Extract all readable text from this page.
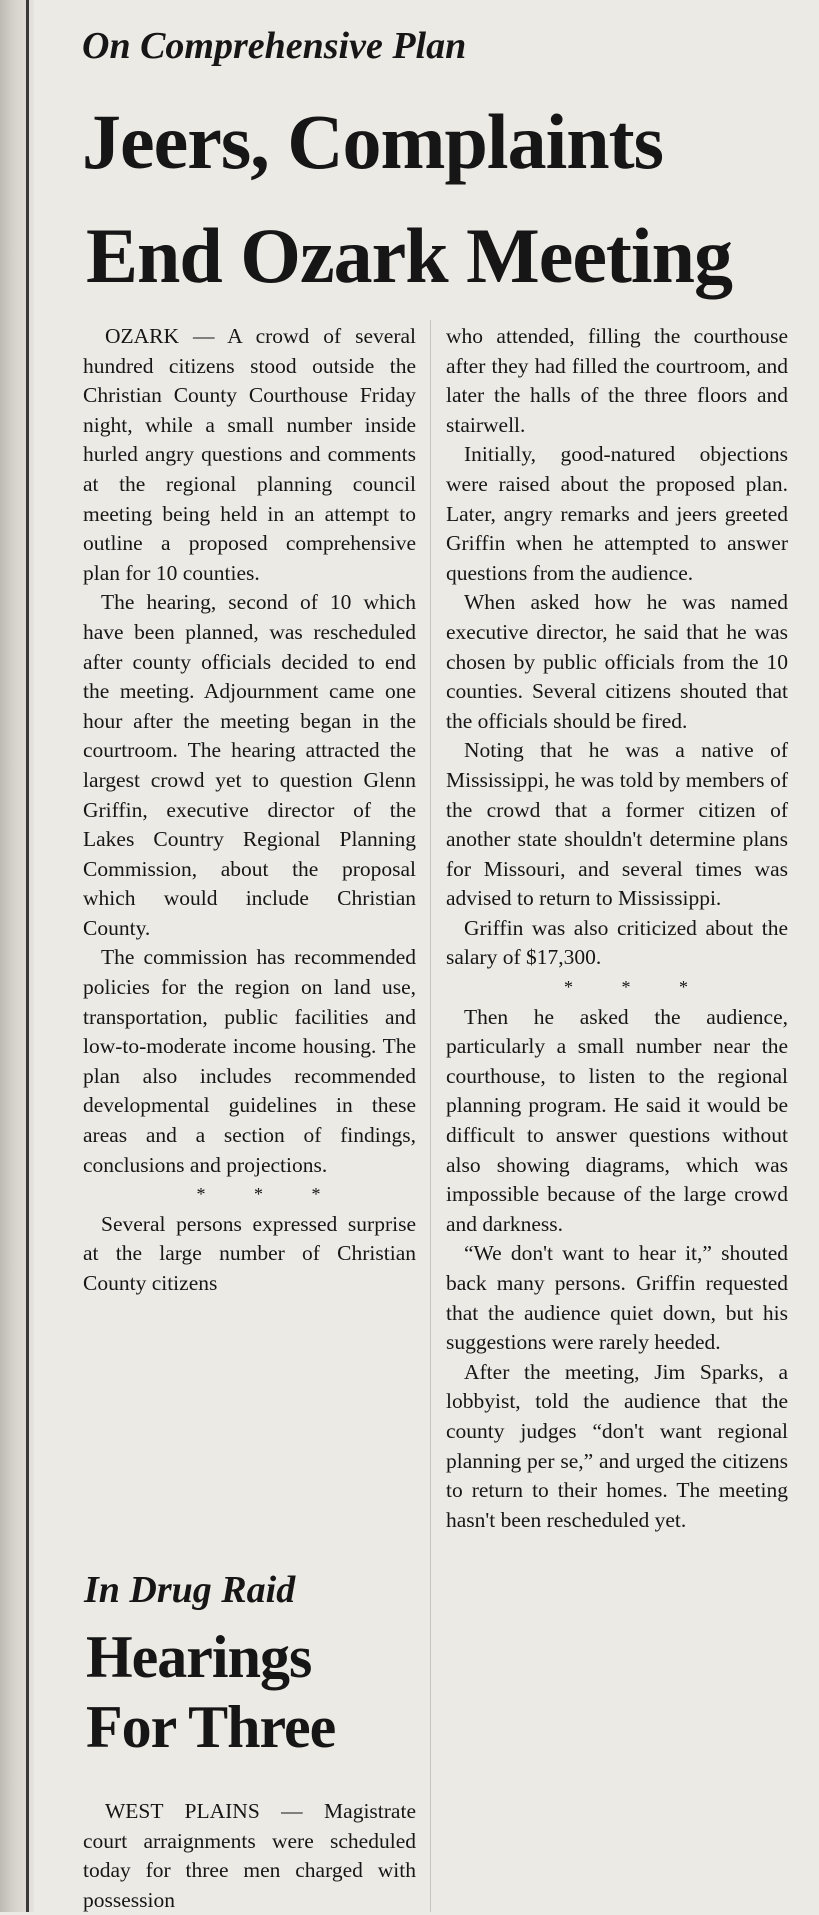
On Comprehensive Plan
Jeers, Complaints
End Ozark Meeting

OZARK — A crowd of several hundred citizens stood outside the Christian County Courthouse Friday night, while a small number inside hurled angry questions and comments at the regional planning council meeting being held in an attempt to outline a proposed comprehensive plan for 10 counties.

The hearing, second of 10 which have been planned, was rescheduled after county officials decided to end the meeting. Adjournment came one hour after the meeting began in the courtroom. The hearing attracted the largest crowd yet to question Glenn Griffin, executive director of the Lakes Country Regional Planning Commission, about the proposal which would include Christian County.

The commission has recommended policies for the region on land use, transportation, public facilities and low-to-moderate income housing. The plan also includes recommended developmental guidelines in these areas and a section of findings, conclusions and projections.

* * *

Several persons expressed surprise at the large number of Christian County citizens

who attended, filling the courthouse after they had filled the courtroom, and later the halls of the three floors and stairwell.

Initially, good-natured objections were raised about the proposed plan. Later, angry remarks and jeers greeted Griffin when he attempted to answer questions from the audience.

When asked how he was named executive director, he said that he was chosen by public officials from the 10 counties. Several citizens shouted that the officials should be fired.

Noting that he was a native of Mississippi, he was told by members of the crowd that a former citizen of another state shouldn't determine plans for Missouri, and several times was advised to return to Mississippi.

Griffin was also criticized about the salary of $17,300.

* * *

Then he asked the audience, particularly a small number near the courthouse, to listen to the regional planning program. He said it would be difficult to answer questions without also showing diagrams, which was impossible because of the large crowd and darkness.

“We don't want to hear it,” shouted back many persons. Griffin requested that the audience quiet down, but his suggestions were rarely heeded.

After the meeting, Jim Sparks, a lobbyist, told the audience that the county judges “don't want regional planning per se,” and urged the citizens to return to their homes. The meeting hasn't been rescheduled yet.

In Drug Raid
Hearings
For Three

WEST PLAINS — Magistrate court arraignments were scheduled today for three men charged with possession
